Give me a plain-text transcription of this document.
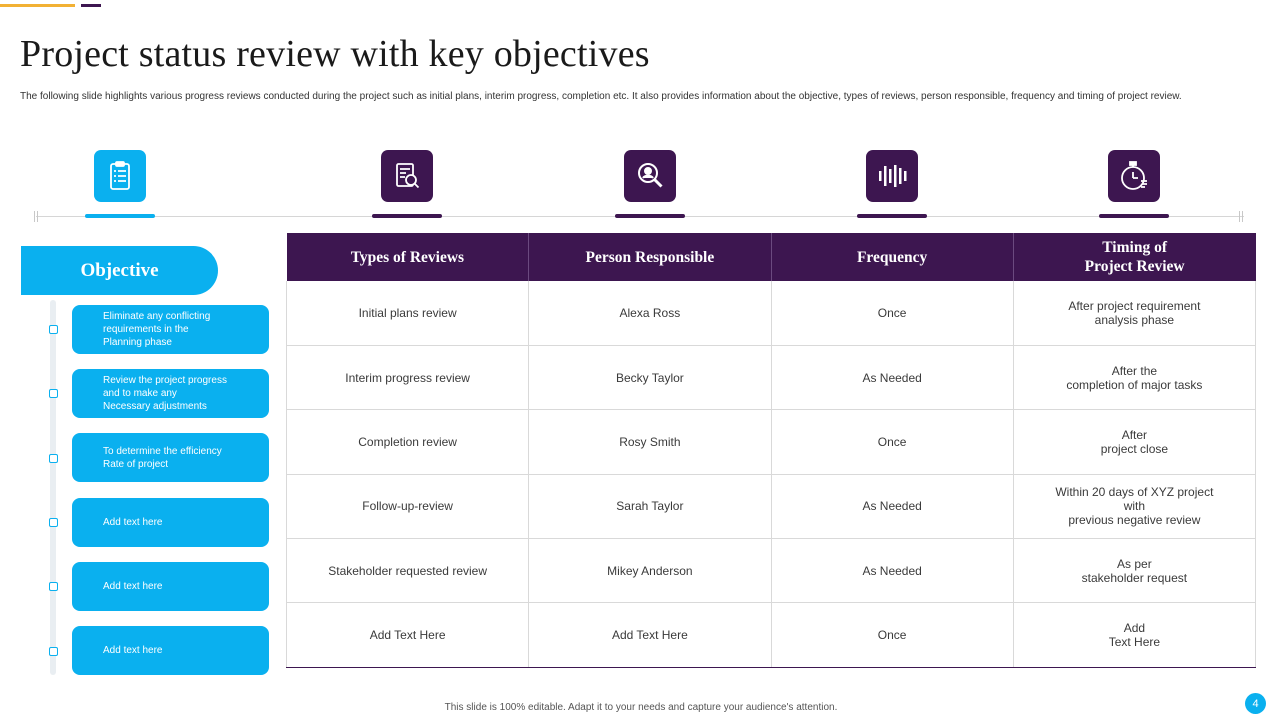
Project status review with key objectives

The following slide highlights various progress reviews conducted during the project such as initial plans, interim progress, completion etc. It also provides information about the objective, types of reviews, person responsible, frequency and timing of project review.

Objective
Eliminate any conflicting
requirements in the
Planning phase
Review the project progress
and to make any
Necessary adjustments
To determine the efficiency
Rate of project
Add text here
Add text here
Add text here
Types of Reviews	Person Responsible	Frequency	Timing of
Project Review
Initial plans review	Alexa Ross	Once	After project requirement
analysis phase
Interim progress review	Becky Taylor	As Needed	After the
completion of major tasks
Completion review	Rosy Smith	Once	After
project close
Follow-up-review	Sarah Taylor	As Needed	Within 20 days of XYZ project with
previous negative review
Stakeholder requested review	Mikey Anderson	As Needed	As per
stakeholder request
Add Text Here	Add Text Here	Once	Add
Text Here
This slide is 100% editable. Adapt it to your needs and capture your audience's attention.	4
